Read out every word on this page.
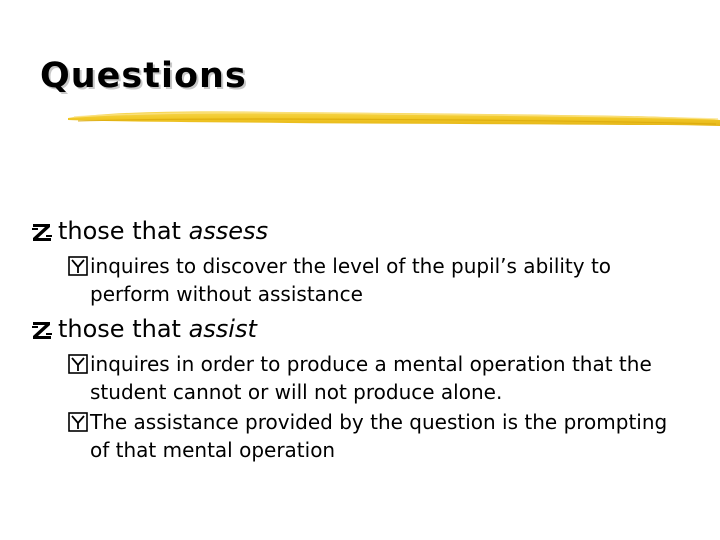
Questions
those that assess
inquires to discover the level of the pupil’s ability to perform without assistance
those that assist
inquires in order to produce a mental operation that the student cannot or will not produce alone.
The assistance provided by the question is the prompting of that mental operation
